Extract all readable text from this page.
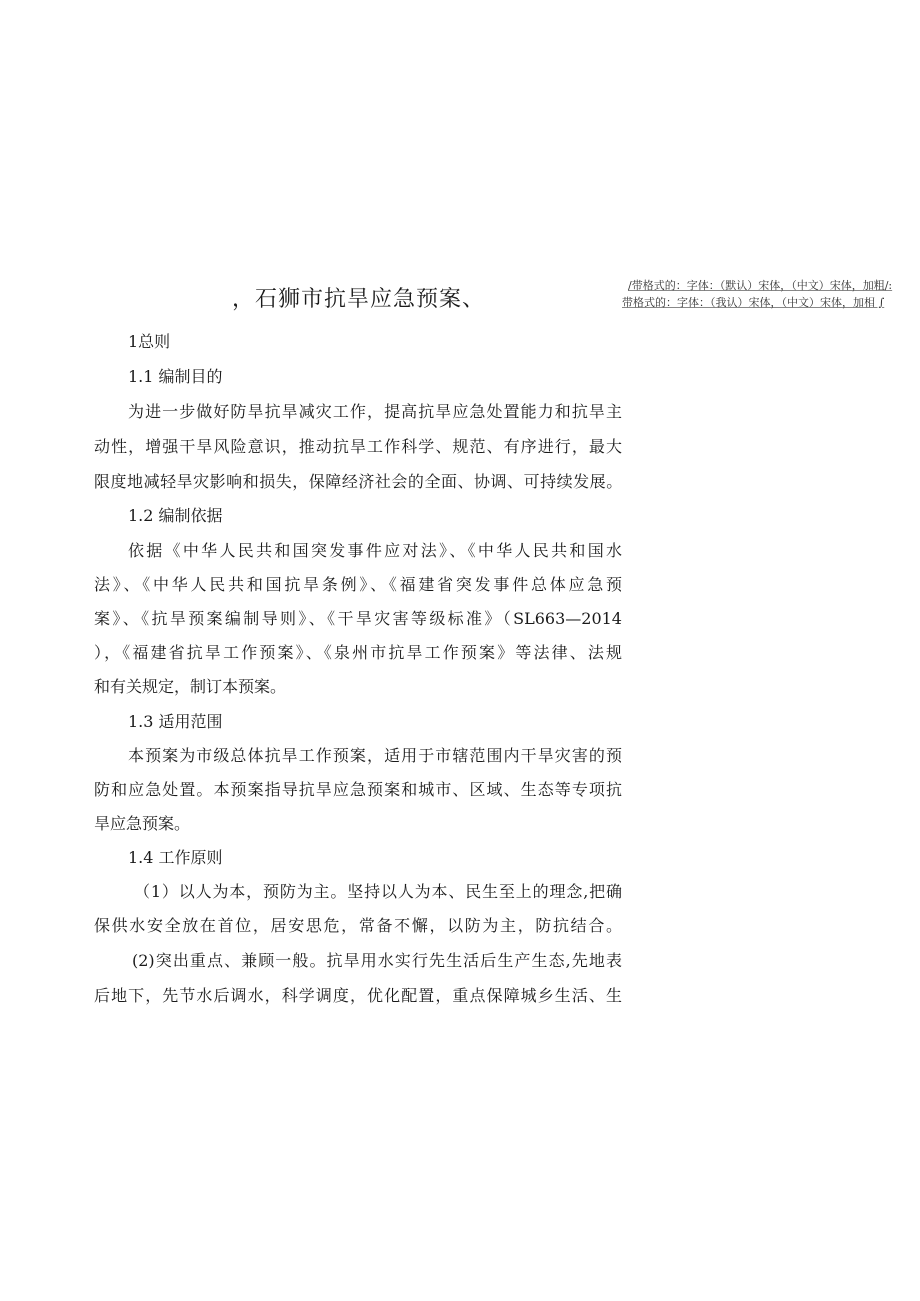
，石狮市抗旱应急预案、
/带格式的：字体：（默认）宋体，（中文）宋体，加粗/:
带格式的：字体：（我认）宋体，（中文）宋体，加相 ∫
1总则
1.1 编制目的
为进一步做好防旱抗旱减灾工作，提高抗旱应急处置能力和抗旱主
动性，增强干旱风险意识，推动抗旱工作科学、规范、有序进行，最大
限度地减轻旱灾影响和损失，保障经济社会的全面、协调、可持续发展。
1.2 编制依据
依据《中华人民共和国突发事件应对法》、《中华人民共和国水
法》、《中华人民共和国抗旱条例》、《福建省突发事件总体应急预
案》、《抗旱预案编制导则》、《干旱灾害等级标准》（SL663—2014
），《福建省抗旱工作预案》、《泉州市抗旱工作预案》等法律、法规
和有关规定，制订本预案。
1.3 适用范围
本预案为市级总体抗旱工作预案，适用于市辖范围内干旱灾害的预
防和应急处置。本预案指导抗旱应急预案和城市、区域、生态等专项抗
旱应急预案。
1.4 工作原则
（1）以人为本，预防为主。坚持以人为本、民生至上的理念,把确
保供水安全放在首位，居安思危，常备不懈，以防为主，防抗结合。
(2)突出重点、兼顾一般。抗旱用水实行先生活后生产生态,先地表
后地下，先节水后调水，科学调度，优化配置，重点保障城乡生活、生
